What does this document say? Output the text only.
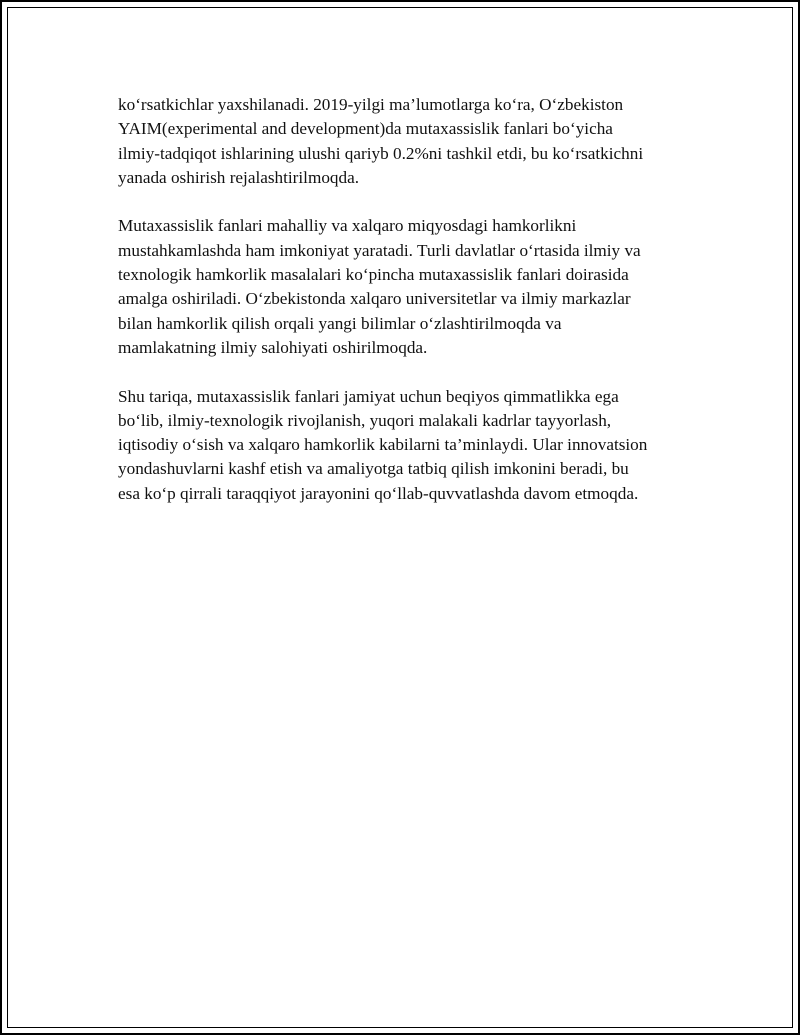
ko‘rsatkichlar yaxshilanadi. 2019-yilgi ma’lumotlarga ko‘ra, O‘zbekiston
YAIM(experimental and development)da mutaxassislik fanlari bo‘yicha
ilmiy-tadqiqot ishlarining ulushi qariyb 0.2%ni tashkil etdi, bu ko‘rsatkichni
yanada oshirish rejalashtirilmoqda.

Mutaxassislik fanlari mahalliy va xalqaro miqyosdagi hamkorlikni
mustahkamlashda ham imkoniyat yaratadi. Turli davlatlar o‘rtasida ilmiy va
texnologik hamkorlik masalalari ko‘pincha mutaxassislik fanlari doirasida
amalga oshiriladi. O‘zbekistonda xalqaro universitetlar va ilmiy markazlar
bilan hamkorlik qilish orqali yangi bilimlar o‘zlashtirilmoqda va
mamlakatning ilmiy salohiyati oshirilmoqda.

Shu tariqa, mutaxassislik fanlari jamiyat uchun beqiyos qimmatlikka ega
bo‘lib, ilmiy-texnologik rivojlanish, yuqori malakali kadrlar tayyorlash,
iqtisodiy o‘sish va xalqaro hamkorlik kabilarni ta’minlaydi. Ular innovatsion
yondashuvlarni kashf etish va amaliyotga tatbiq qilish imkonini beradi, bu
esa ko‘p qirrali taraqqiyot jarayonini qo‘llab-quvvatlashda davom etmoqda.
